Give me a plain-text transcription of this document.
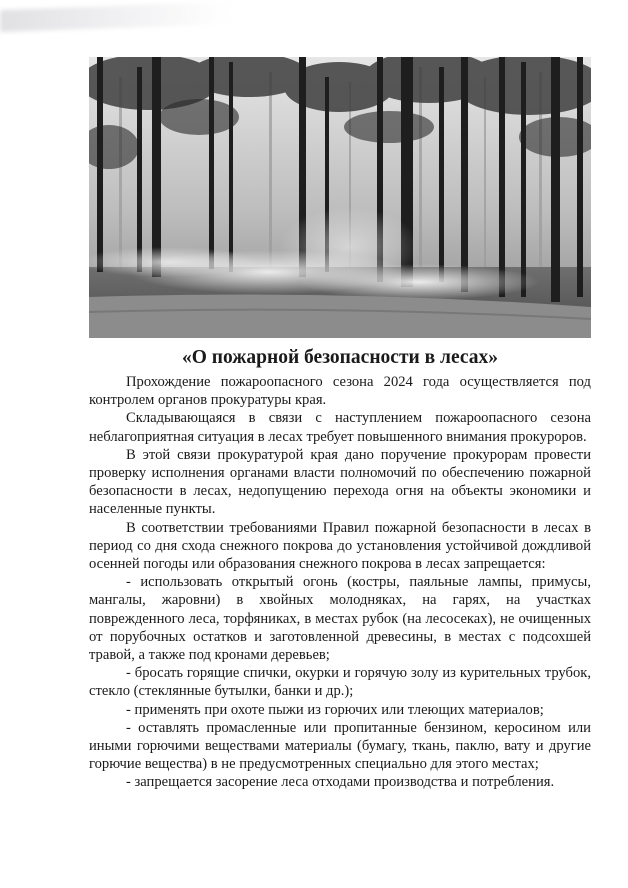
«О пожарной безопасности в лесах»

Прохождение пожароопасного сезона 2024 года осуществляется под контролем органов прокуратуры края.

Складывающаяся в связи с наступлением пожароопасного сезона неблагоприятная ситуация в лесах требует повышенного внимания прокуроров.

В этой связи прокуратурой края дано поручение прокурорам провести проверку исполнения органами власти полномочий по обеспечению пожарной безопасности в лесах, недопущению перехода огня на объекты экономики и населенные пункты.

В соответствии требованиями Правил пожарной безопасности в лесах в период со дня схода снежного покрова до установления устойчивой дождливой осенней погоды или образования снежного покрова в лесах запрещается:

- использовать открытый огонь (костры, паяльные лампы, примусы, мангалы, жаровни) в хвойных молодняках, на гарях, на участках поврежденного леса, торфяниках, в местах рубок (на лесосеках), не очищенных от порубочных остатков и заготовленной древесины, в местах с подсохшей травой, а также под кронами деревьев;

- бросать горящие спички, окурки и горячую золу из курительных трубок, стекло (стеклянные бутылки, банки и др.);

- применять при охоте пыжи из горючих или тлеющих материалов;

- оставлять промасленные или пропитанные бензином, керосином или иными горючими веществами материалы (бумагу, ткань, паклю, вату и другие горючие вещества) в не предусмотренных специально для этого местах;

- запрещается засорение леса отходами производства и потребления.
